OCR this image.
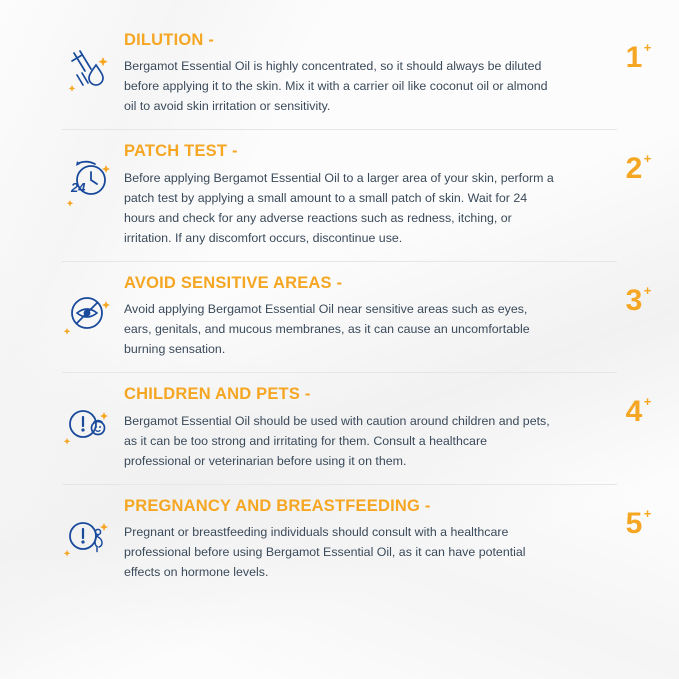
DILUTION -

Bergamot Essential Oil is highly concentrated, so it should always be diluted before applying it to the skin. Mix it with a carrier oil like coconut oil or almond oil to avoid skin irritation or sensitivity.

1 +
24
PATCH TEST -

Before applying Bergamot Essential Oil to a larger area of your skin, perform a patch test by applying a small amount to a small patch of skin. Wait for 24 hours and check for any adverse reactions such as redness, itching, or irritation. If any discomfort occurs, discontinue use.

2 +
AVOID SENSITIVE AREAS -

Avoid applying Bergamot Essential Oil near sensitive areas such as eyes, ears, genitals, and mucous membranes, as it can cause an uncomfortable burning sensation.

3 +
CHILDREN AND PETS -

Bergamot Essential Oil should be used with caution around children and pets, as it can be too strong and irritating for them. Consult a healthcare professional or veterinarian before using it on them.

4 +
PREGNANCY AND BREASTFEEDING -

Pregnant or breastfeeding individuals should consult with a healthcare professional before using Bergamot Essential Oil, as it can have potential effects on hormone levels.

5 +
